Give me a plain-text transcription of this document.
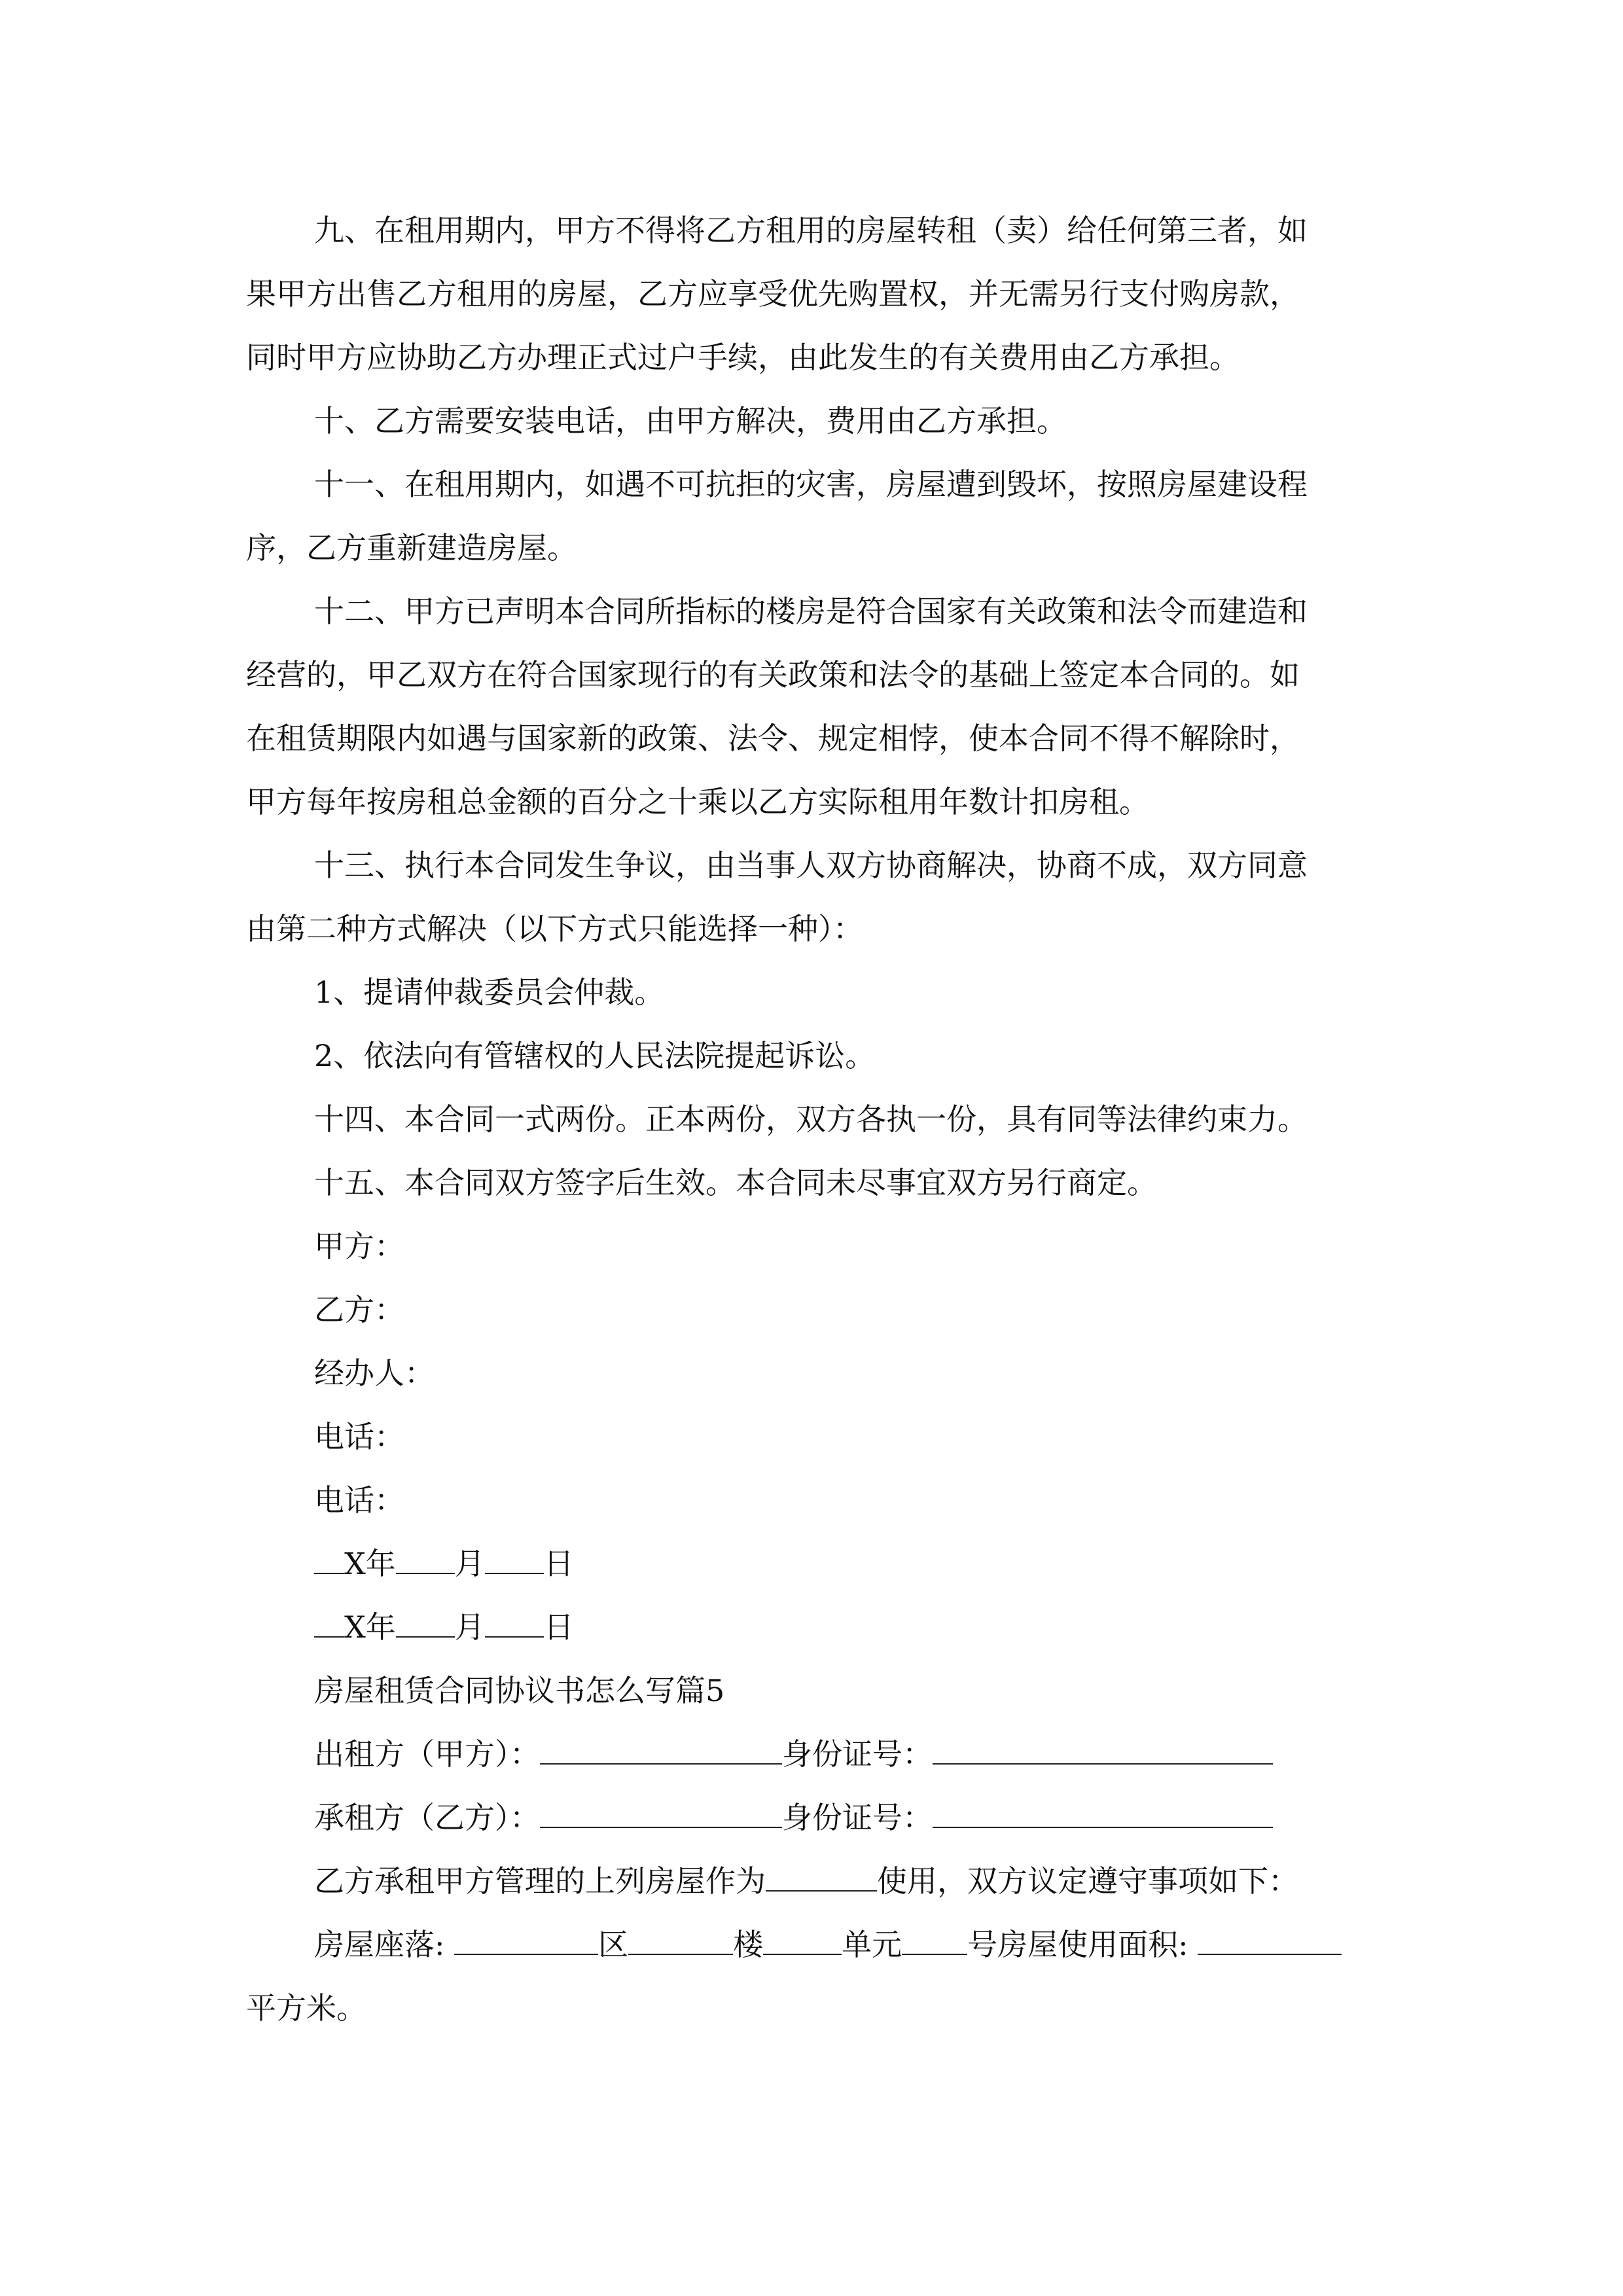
九、在租用期内，甲方不得将乙方租用的房屋转租（卖）给任何第三者，如

果甲方出售乙方租用的房屋，乙方应享受优先购置权，并无需另行支付购房款，

同时甲方应协助乙方办理正式过户手续，由此发生的有关费用由乙方承担。

十、乙方需要安装电话，由甲方解决，费用由乙方承担。

十一、在租用期内，如遇不可抗拒的灾害，房屋遭到毁坏，按照房屋建设程

序，乙方重新建造房屋。

十二、甲方已声明本合同所指标的楼房是符合国家有关政策和法令而建造和

经营的，甲乙双方在符合国家现行的有关政策和法令的基础上签定本合同的。如

在租赁期限内如遇与国家新的政策、法令、规定相悖，使本合同不得不解除时，

甲方每年按房租总金额的百分之十乘以乙方实际租用年数计扣房租。

十三、执行本合同发生争议，由当事人双方协商解决，协商不成，双方同意

由第二种方式解决（以下方式只能选择一种）：

1、提请仲裁委员会仲裁。

2、依法向有管辖权的人民法院提起诉讼。

十四、本合同一式两份。正本两份，双方各执一份，具有同等法律约束力。

十五、本合同双方签字后生效。本合同未尽事宜双方另行商定。

甲方：

乙方：

经办人：

电话：

电话：

X年 月 日

X年 月 日

房屋租赁合同协议书怎么写篇5

出租方（甲方）：	身份证号：

承租方（乙方）：	身份证号：

乙方承租甲方管理的上列房屋作为	使用，双方议定遵守事项如下：

房屋座落:	区	楼	单元 号房屋使用面积:

平方米。
